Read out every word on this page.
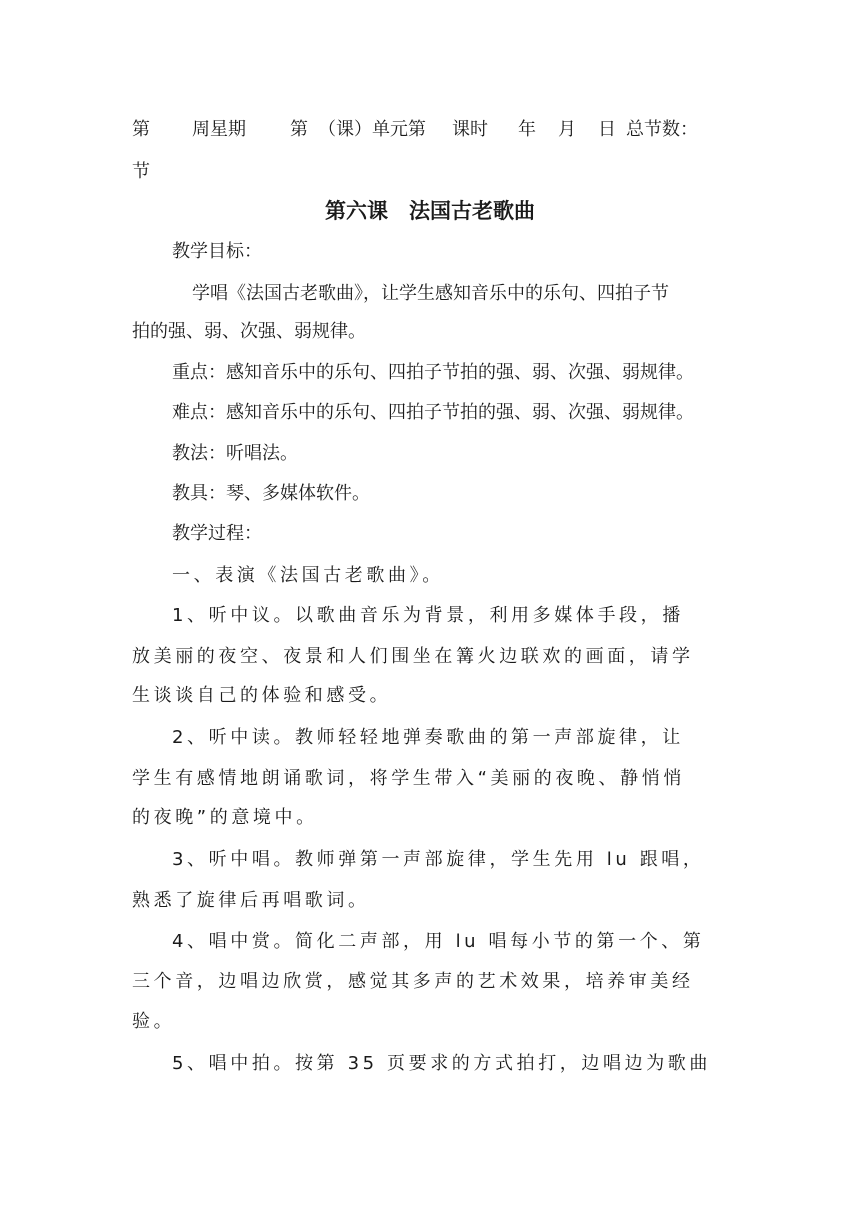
第 周星期 第 （课）单元第 课时 年 月 日 总节数：
节
第六课　法国古老歌曲
教学目标：
学唱《法国古老歌曲》，让学生感知音乐中的乐句、四拍子节
拍的强、弱、次强、弱规律。
重点：感知音乐中的乐句、四拍子节拍的强、弱、次强、弱规律。
难点：感知音乐中的乐句、四拍子节拍的强、弱、次强、弱规律。
教法：听唱法。
教具：琴、多媒体软件。
教学过程：
一、表演《法国古老歌曲》。
1、听中议。以歌曲音乐为背景，利用多媒体手段，播
放美丽的夜空、夜景和人们围坐在篝火边联欢的画面，请学
生谈谈自己的体验和感受。
2、听中读。教师轻轻地弹奏歌曲的第一声部旋律，让
学生有感情地朗诵歌词，将学生带入“美丽的夜晚、静悄悄
的夜晚”的意境中。
3、听中唱。教师弹第一声部旋律，学生先用 lu 跟唱，
熟悉了旋律后再唱歌词。
4、唱中赏。简化二声部，用 lu 唱每小节的第一个、第
三个音，边唱边欣赏，感觉其多声的艺术效果，培养审美经
验。
5、唱中拍。按第 35 页要求的方式拍打，边唱边为歌曲
